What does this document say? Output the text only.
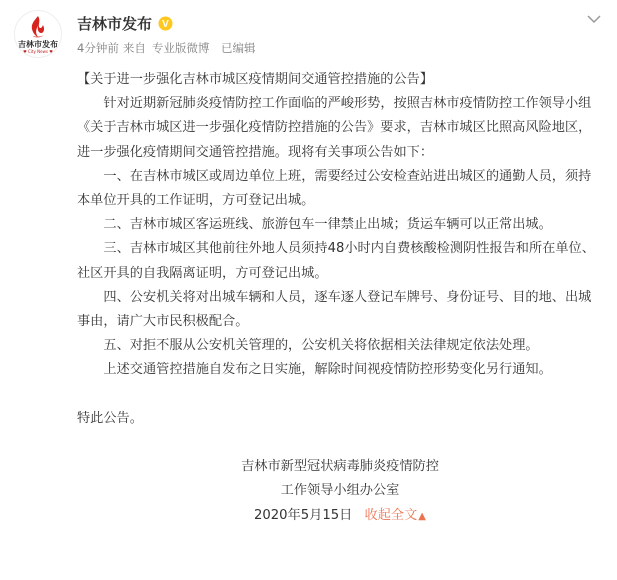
吉林市发布
♥ City News ♥
吉林市发布 V
4分钟前 来自 专业版微博 已编辑

【关于进一步强化吉林市城区疫情期间交通管控措施的公告】

针对近期新冠肺炎疫情防控工作面临的严峻形势，按照吉林市疫情防控工作领导小组《关于吉林市城区进一步强化疫情防控措施的公告》要求，吉林市城区比照高风险地区，进一步强化疫情期间交通管控措施。现将有关事项公告如下：

一、在吉林市城区或周边单位上班，需要经过公安检查站进出城区的通勤人员，须持本单位开具的工作证明，方可登记出城。

二、吉林市城区客运班线、旅游包车一律禁止出城；货运车辆可以正常出城。

三、吉林市城区其他前往外地人员须持48小时内自费核酸检测阴性报告和所在单位、社区开具的自我隔离证明，方可登记出城。

四、公安机关将对出城车辆和人员，逐车逐人登记车牌号、身份证号、目的地、出城事由，请广大市民积极配合。

五、对拒不服从公安机关管理的，公安机关将依据相关法律规定依法处理。

上述交通管控措施自发布之日实施，解除时间视疫情防控形势变化另行通知。

特此公告。

吉林市新型冠状病毒肺炎疫情防控

工作领导小组办公室

2020年5月15日 收起全文▲
